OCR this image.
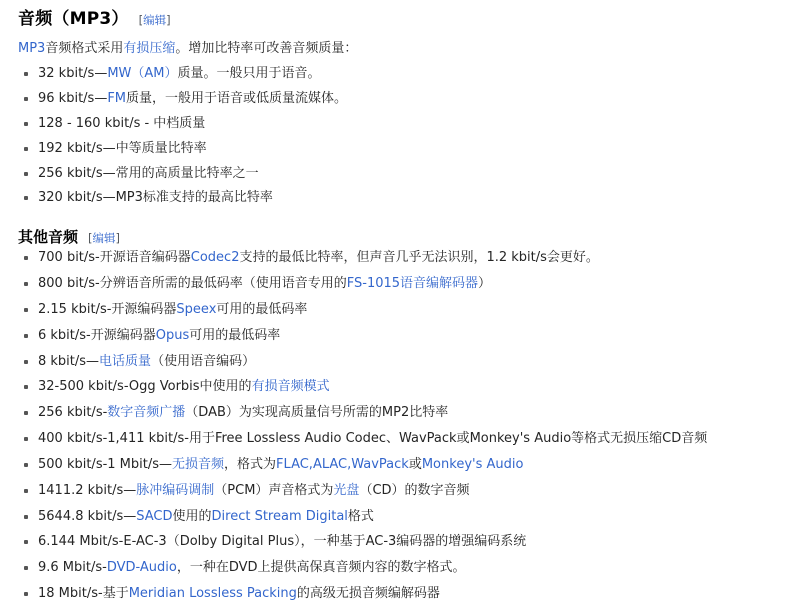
音频（MP3） [编辑]

MP3音频格式采用有损压缩。增加比特率可改善音频质量：

32 kbit/s—MW（AM）质量。一般只用于语音。
96 kbit/s—FM质量，一般用于语音或低质量流媒体。
128 - 160 kbit/s - 中档质量
192 kbit/s—中等质量比特率
256 kbit/s—常用的高质量比特率之一
320 kbit/s—MP3标准支持的最高比特率
其他音频 [编辑]
700 bit/s‐开源语音编码器Codec2支持的最低比特率，但声音几乎无法识别，1.2 kbit/s会更好。
800 bit/s‐分辨语音所需的最低码率（使用语音专用的FS-1015语音编解码器）
2.15 kbit/s‐开源编码器Speex可用的最低码率
6 kbit/s‐开源编码器Opus可用的最低码率
8 kbit/s—电话质量（使用语音编码）
32-500 kbit/s‐Ogg Vorbis中使用的有损音频模式
256 kbit/s‐数字音频广播（DAB）为实现高质量信号所需的MP2比特率
400 kbit/s‐1,411 kbit/s‐用于Free Lossless Audio Codec、WavPack或Monkey's Audio等格式无损压缩CD音频
500 kbit/s‐1 Mbit/s—无损音频，格式为FLAC,ALAC,WavPack或Monkey's Audio
1411.2 kbit/s—脉冲编码调制（PCM）声音格式为光盘（CD）的数字音频
5644.8 kbit/s—SACD使用的Direct Stream Digital格式
6.144 Mbit/s‐E-AC-3（Dolby Digital Plus），一种基于AC-3编码器的增强编码系统
9.6 Mbit/s‐DVD-Audio，一种在DVD上提供高保真音频内容的数字格式。
18 Mbit/s‐基于Meridian Lossless Packing的高级无损音频编解码器
